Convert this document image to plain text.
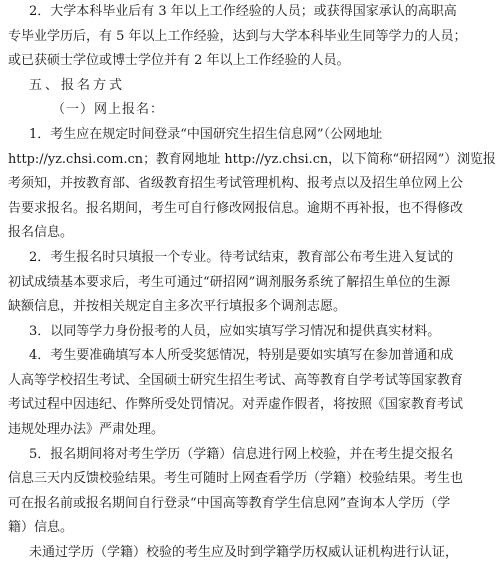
2．大学本科毕业后有 3 年以上工作经验的人员；或获得国家承认的高职高
专毕业学历后，有 5 年以上工作经验，达到与大学本科毕业生同等学力的人员；
或已获硕士学位或博士学位并有 2 年以上工作经验的人员。
五、报名方式
（一）网上报名：
1．考生应在规定时间登录“中国研究生招生信息网”（公网地址
http://yz.chsi.com.cn；教育网地址 http://yz.chsi.cn，以下简称“研招网”）浏览报
考须知，并按教育部、省级教育招生考试管理机构、报考点以及招生单位网上公
告要求报名。报名期间，考生可自行修改网报信息。逾期不再补报，也不得修改
报名信息。
2．考生报名时只填报一个专业。待考试结束，教育部公布考生进入复试的
初试成绩基本要求后，考生可通过“研招网”调剂服务系统了解招生单位的生源
缺额信息，并按相关规定自主多次平行填报多个调剂志愿。
3．以同等学力身份报考的人员，应如实填写学习情况和提供真实材料。
4．考生要准确填写本人所受奖惩情况，特别是要如实填写在参加普通和成
人高等学校招生考试、全国硕士研究生招生考试、高等教育自学考试等国家教育
考试过程中因违纪、作弊所受处罚情况。对弄虚作假者，将按照《国家教育考试
违规处理办法》严肃处理。
5．报名期间将对考生学历（学籍）信息进行网上校验，并在考生提交报名
信息三天内反馈校验结果。考生可随时上网查看学历（学籍）校验结果。考生也
可在报名前或报名期间自行登录“中国高等教育学生信息网”查询本人学历（学
籍）信息。
未通过学历（学籍）校验的考生应及时到学籍学历权威认证机构进行认证，
